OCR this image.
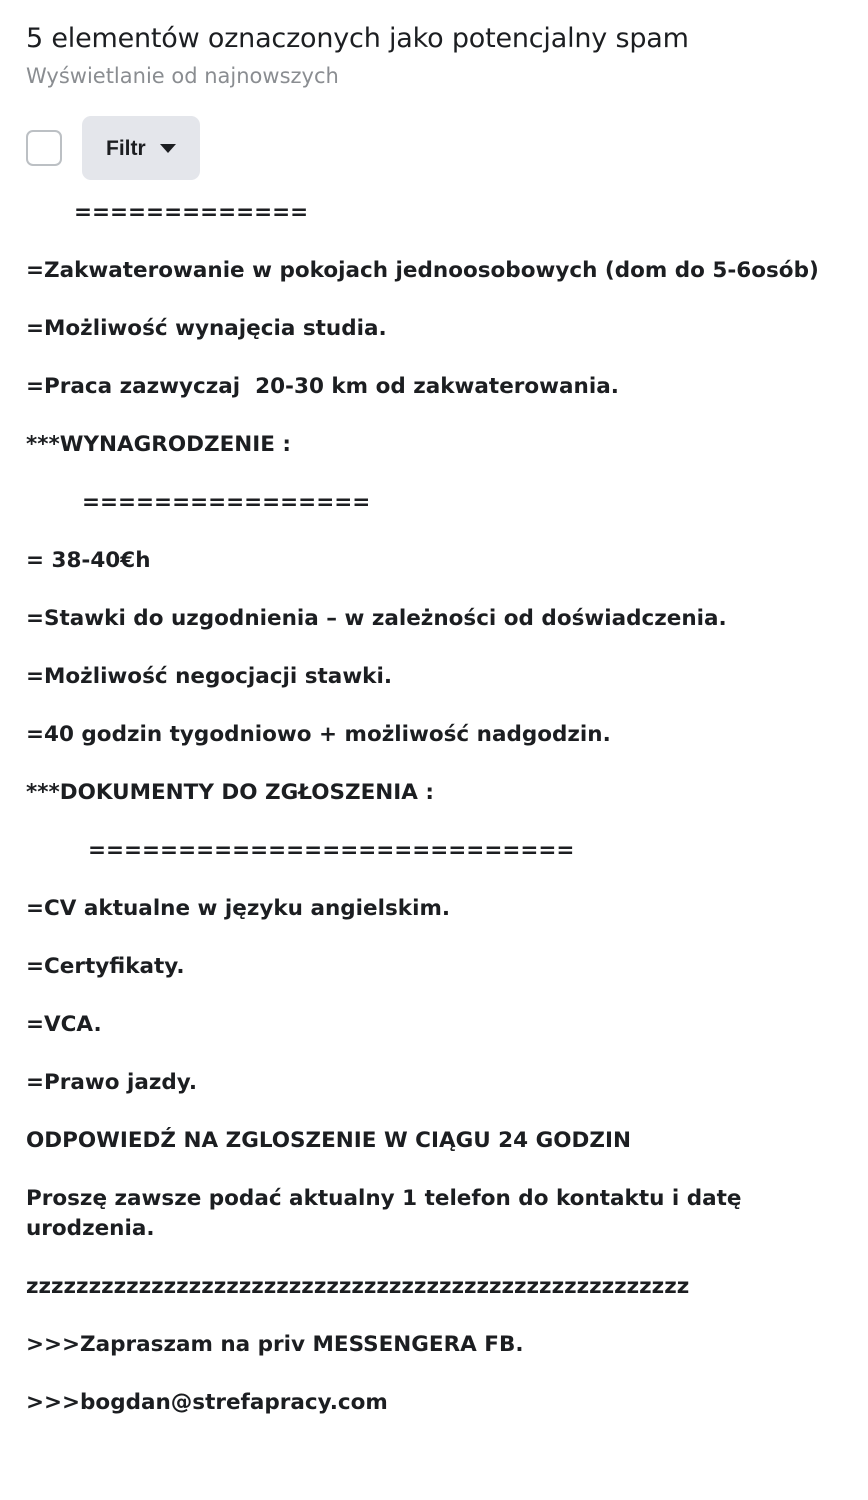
5 elementów oznaczonych jako potencjalny spam
Wyświetlanie od najnowszych
Filtr
=============
=Zakwaterowanie w pokojach jednoosobowych (dom do 5-6osób)
=Możliwość wynajęcia studia.
=Praca zazwyczaj  20-30 km od zakwaterowania.
***WYNAGRODZENIE :
================
= 38-40€h
=Stawki do uzgodnienia – w zależności od doświadczenia.
=Możliwość negocjacji stawki.
=40 godzin tygodniowo + możliwość nadgodzin.
***DOKUMENTY DO ZGŁOSZENIA :
===========================
=CV aktualne w języku angielskim.
=Certyfikaty.
=VCA.
=Prawo jazdy.
ODPOWIEDŹ NA ZGLOSZENIE W CIĄGU 24 GODZIN
Proszę zawsze podać aktualny 1 telefon do kontaktu i datę urodzenia.
zzzzzzzzzzzzzzzzzzzzzzzzzzzzzzzzzzzzzzzzzzzzzzzzzzzzz
>>>Zapraszam na priv MESSENGERA FB.
>>>bogdan@strefapracy.com
